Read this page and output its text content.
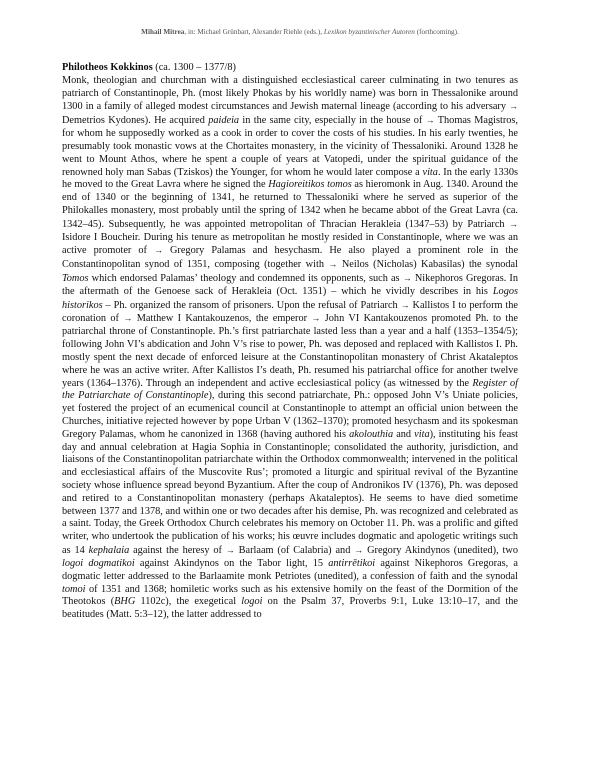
Mihail Mitrea, in: Michael Grünbart, Alexander Riehle (eds.), Lexikon byzantinischer Autoren (forthcoming).

Philotheos Kokkinos (ca. 1300 – 1377/8)

Monk, theologian and churchman with a distinguished ecclesiastical career culminating in two tenures as patriarch of Constantinople, Ph. (most likely Phokas by his worldly name) was born in Thessalonike around 1300 in a family of alleged modest circumstances and Jewish maternal lineage (according to his adversary → Demetrios Kydones). He acquired paideia in the same city, especially in the house of → Thomas Magistros, for whom he supposedly worked as a cook in order to cover the costs of his studies. In his early twenties, he presumably took monastic vows at the Chortaites monastery, in the vicinity of Thessaloniki. Around 1328 he went to Mount Athos, where he spent a couple of years at Vatopedi, under the spiritual guidance of the renowned holy man Sabas (Tziskos) the Younger, for whom he would later compose a vita. In the early 1330s he moved to the Great Lavra where he signed the Hagioreitikos tomos as hieromonk in Aug. 1340. Around the end of 1340 or the beginning of 1341, he returned to Thessaloniki where he served as superior of the Philokalles monastery, most probably until the spring of 1342 when he became abbot of the Great Lavra (ca. 1342–45). Subsequently, he was appointed metropolitan of Thracian Herakleia (1347–53) by Patriarch → Isidore I Boucheir. During his tenure as metropolitan he mostly resided in Constantinople, where we was an active promoter of → Gregory Palamas and hesychasm. He also played a prominent role in the Constantinopolitan synod of 1351, composing (together with → Neilos (Nicholas) Kabasilas) the synodal Tomos which endorsed Palamas’ theology and condemned its opponents, such as → Nikephoros Gregoras. In the aftermath of the Genoese sack of Herakleia (Oct. 1351) – which he vividly describes in his Logos historikos – Ph. organized the ransom of prisoners. Upon the refusal of Patriarch → Kallistos I to perform the coronation of → Matthew I Kantakouzenos, the emperor → John VI Kantakouzenos promoted Ph. to the patriarchal throne of Constantinople. Ph.’s first patriarchate lasted less than a year and a half (1353–1354/5); following John VI’s abdication and John V’s rise to power, Ph. was deposed and replaced with Kallistos I. Ph. mostly spent the next decade of enforced leisure at the Constantinopolitan monastery of Christ Akataleptos where he was an active writer. After Kallistos I’s death, Ph. resumed his patriarchal office for another twelve years (1364–1376). Through an independent and active ecclesiastical policy (as witnessed by the Register of the Patriarchate of Constantinople), during this second patriarchate, Ph.: opposed John V’s Uniate policies, yet fostered the project of an ecumenical council at Constantinople to attempt an official union between the Churches, initiative rejected however by pope Urban V (1362–1370); promoted hesychasm and its spokesman Gregory Palamas, whom he canonized in 1368 (having authored his akolouthia and vita), instituting his feast day and annual celebration at Hagia Sophia in Constantinople; consolidated the authority, jurisdiction, and liaisons of the Constantinopolitan patriarchate within the Orthodox commonwealth; intervened in the political and ecclesiastical affairs of the Muscovite Rus’; promoted a liturgic and spiritual revival of the Byzantine society whose influence spread beyond Byzantium. After the coup of Andronikos IV (1376), Ph. was deposed and retired to a Constantinopolitan monastery (perhaps Akataleptos). He seems to have died sometime between 1377 and 1378, and within one or two decades after his demise, Ph. was recognized and celebrated as a saint. Today, the Greek Orthodox Church celebrates his memory on October 11. Ph. was a prolific and gifted writer, who undertook the publication of his works; his œuvre includes dogmatic and apologetic writings such as 14 kephalaia against the heresy of → Barlaam (of Calabria) and → Gregory Akindynos (unedited), two logoi dogmatikoi against Akindynos on the Tabor light, 15 antirrētikoi against Nikephoros Gregoras, a dogmatic letter addressed to the Barlaamite monk Petriotes (unedited), a confession of faith and the synodal tomoi of 1351 and 1368; homiletic works such as his extensive homily on the feast of the Dormition of the Theotokos (BHG 1102c), the exegetical logoi on the Psalm 37, Proverbs 9:1, Luke 13:10–17, and the beatitudes (Matt. 5:3–12), the latter addressed to
